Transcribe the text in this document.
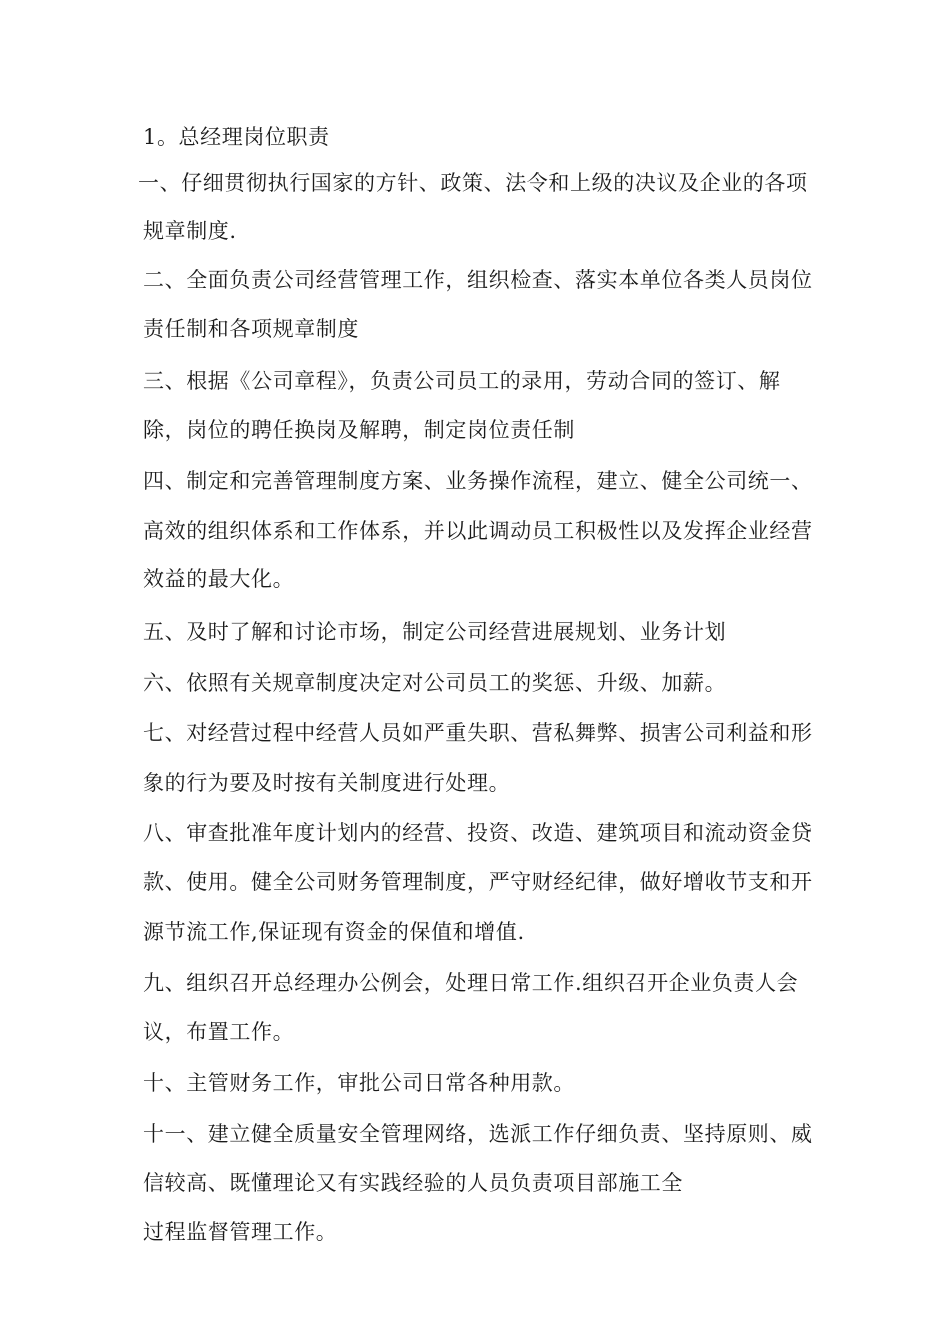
1。总经理岗位职责
一、仔细贯彻执行国家的方针、政策、法令和上级的决议及企业的各项
规章制度.
二、全面负责公司经营管理工作，组织检查、落实本单位各类人员岗位
责任制和各项规章制度
三、根据《公司章程》，负责公司员工的录用，劳动合同的签订、解
除，岗位的聘任换岗及解聘，制定岗位责任制
四、制定和完善管理制度方案、业务操作流程，建立、健全公司统一、
高效的组织体系和工作体系，并以此调动员工积极性以及发挥企业经营
效益的最大化。
五、及时了解和讨论市场，制定公司经营进展规划、业务计划
六、依照有关规章制度决定对公司员工的奖惩、升级、加薪。
七、对经营过程中经营人员如严重失职、营私舞弊、损害公司利益和形
象的行为要及时按有关制度进行处理。
八、审查批准年度计划内的经营、投资、改造、建筑项目和流动资金贷
款、使用。健全公司财务管理制度，严守财经纪律，做好增收节支和开
源节流工作,保证现有资金的保值和增值.
九、组织召开总经理办公例会，处理日常工作.组织召开企业负责人会
议，布置工作。
十、主管财务工作，审批公司日常各种用款。
十一、建立健全质量安全管理网络，选派工作仔细负责、坚持原则、威
信较高、既懂理论又有实践经验的人员负责项目部施工全
过程监督管理工作。
